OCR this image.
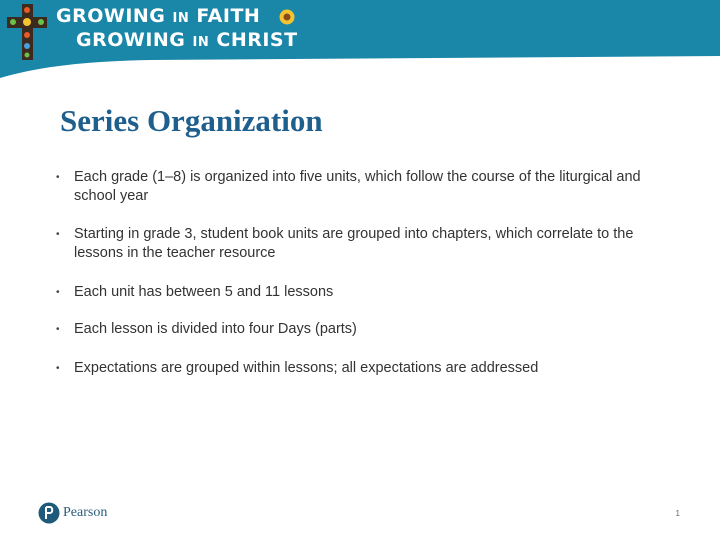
GROWING IN FAITH
GROWING IN CHRIST
Series Organization
• Each grade (1–8) is organized into five units, which follow the course of the liturgical and school year
• Starting in grade 3, student book units are grouped into chapters, which correlate to the lessons in the teacher resource
• Each unit has between 5 and 11 lessons
• Each lesson is divided into four Days (parts)
• Expectations are grouped within lessons; all expectations are addressed
Pearson	1
